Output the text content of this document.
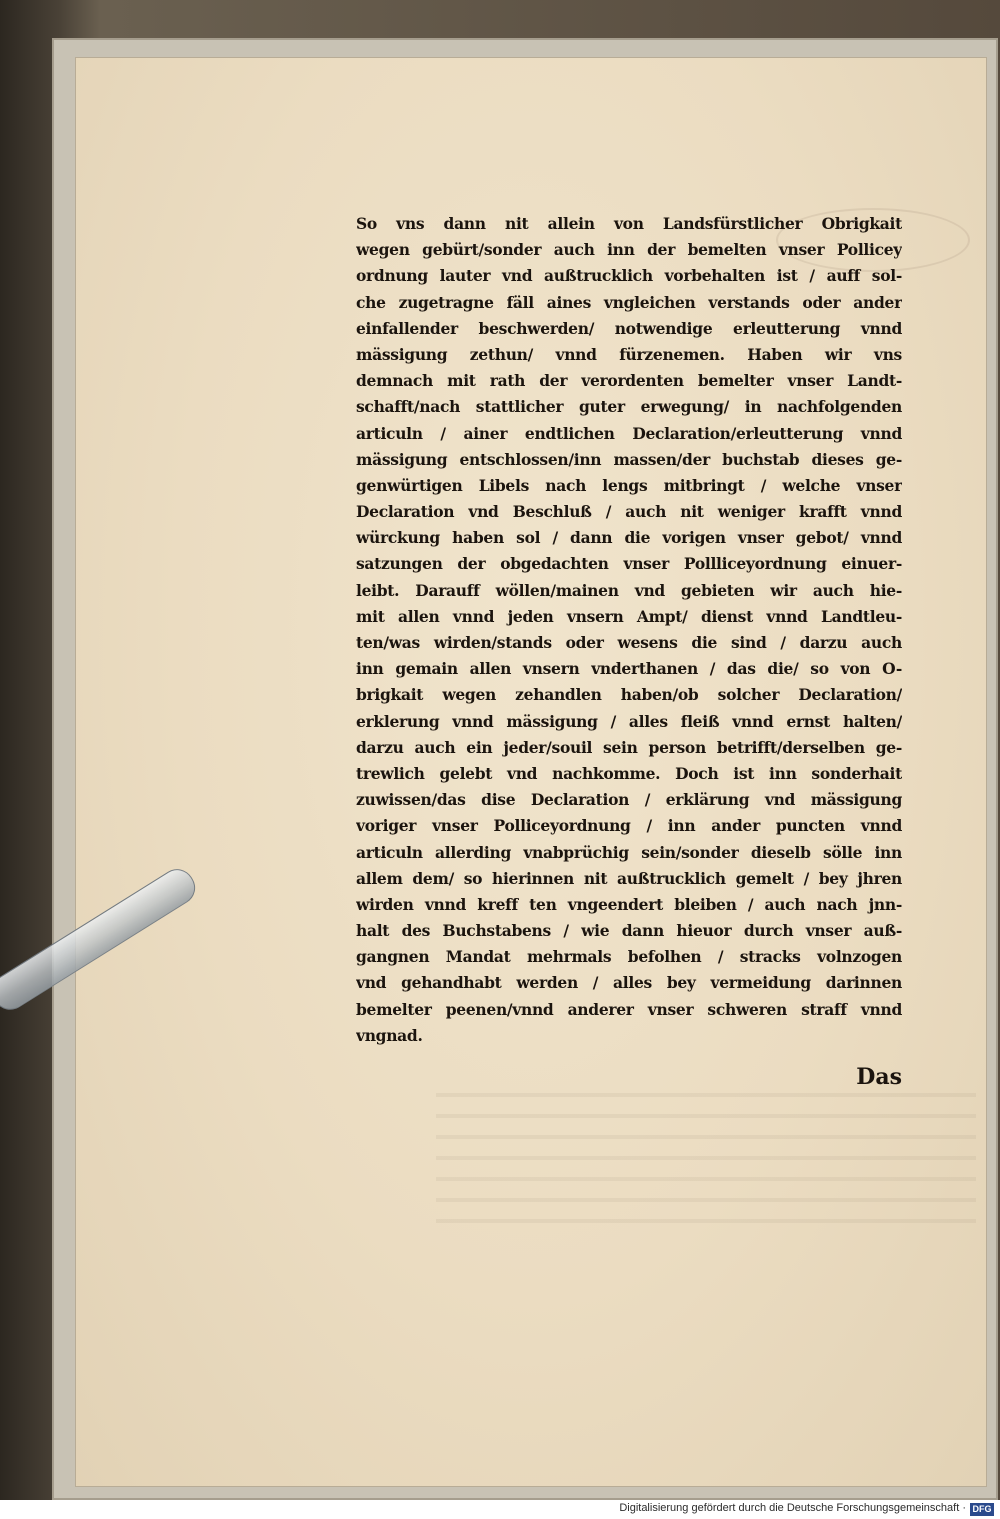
So vns dann nit allein von Landsfürstlicher Obrigkait
wegen gebürt/sonder auch inn der bemelten vnser Pollicey
ordnung lauter vnd außtrucklich vorbehalten ist / auff sol-
che zugetragne fäll aines vngleichen verstands oder ander
einfallender beschwerden/ notwendige erleutterung vnnd
mässigung zethun/ vnnd fürzenemen. Haben wir vns
demnach mit rath der verordenten bemelter vnser Landt-
schafft/nach stattlicher guter erwegung/ in nachfolgenden
articuln / ainer endtlichen Declaration/erleutterung vnnd
mässigung entschlossen/inn massen/der buchstab dieses ge-
genwürtigen Libels nach lengs mitbringt / welche vnser
Declaration vnd Beschluß / auch nit weniger krafft vnnd
würckung haben sol / dann die vorigen vnser gebot/ vnnd
satzungen der obgedachten vnser Pollliceyordnung einuer-
leibt. Darauff wöllen/mainen vnd gebieten wir auch hie-
mit allen vnnd jeden vnsern Ampt/ dienst vnnd Landtleu-
ten/was wirden/stands oder wesens die sind / darzu auch
inn gemain allen vnsern vnderthanen / das die/ so von O-
brigkait wegen zehandlen haben/ob solcher Declaration/
erklerung vnnd mässigung / alles fleiß vnnd ernst halten/
darzu auch ein jeder/souil sein person betrifft/derselben ge-
trewlich gelebt vnd nachkomme. Doch ist inn sonderhait
zuwissen/das dise Declaration / erklärung vnd mässigung
voriger vnser Polliceyordnung / inn ander puncten vnnd
articuln allerding vnabprüchig sein/sonder dieselb sölle inn
allem dem/ so hierinnen nit außtrucklich gemelt / bey jhren
wirden vnnd kreff ten vngeendert bleiben / auch nach jnn-
halt des Buchstabens / wie dann hieuor durch vnser auß-
gangnen Mandat mehrmals befolhen / stracks volnzogen
vnd gehandhabt werden / alles bey vermeidung darinnen
bemelter peenen/vnnd anderer vnser schweren straff vnnd
vngnad.
Das
Digitalisierung gefördert durch die Deutsche Forschungsgemeinschaft · DFG
